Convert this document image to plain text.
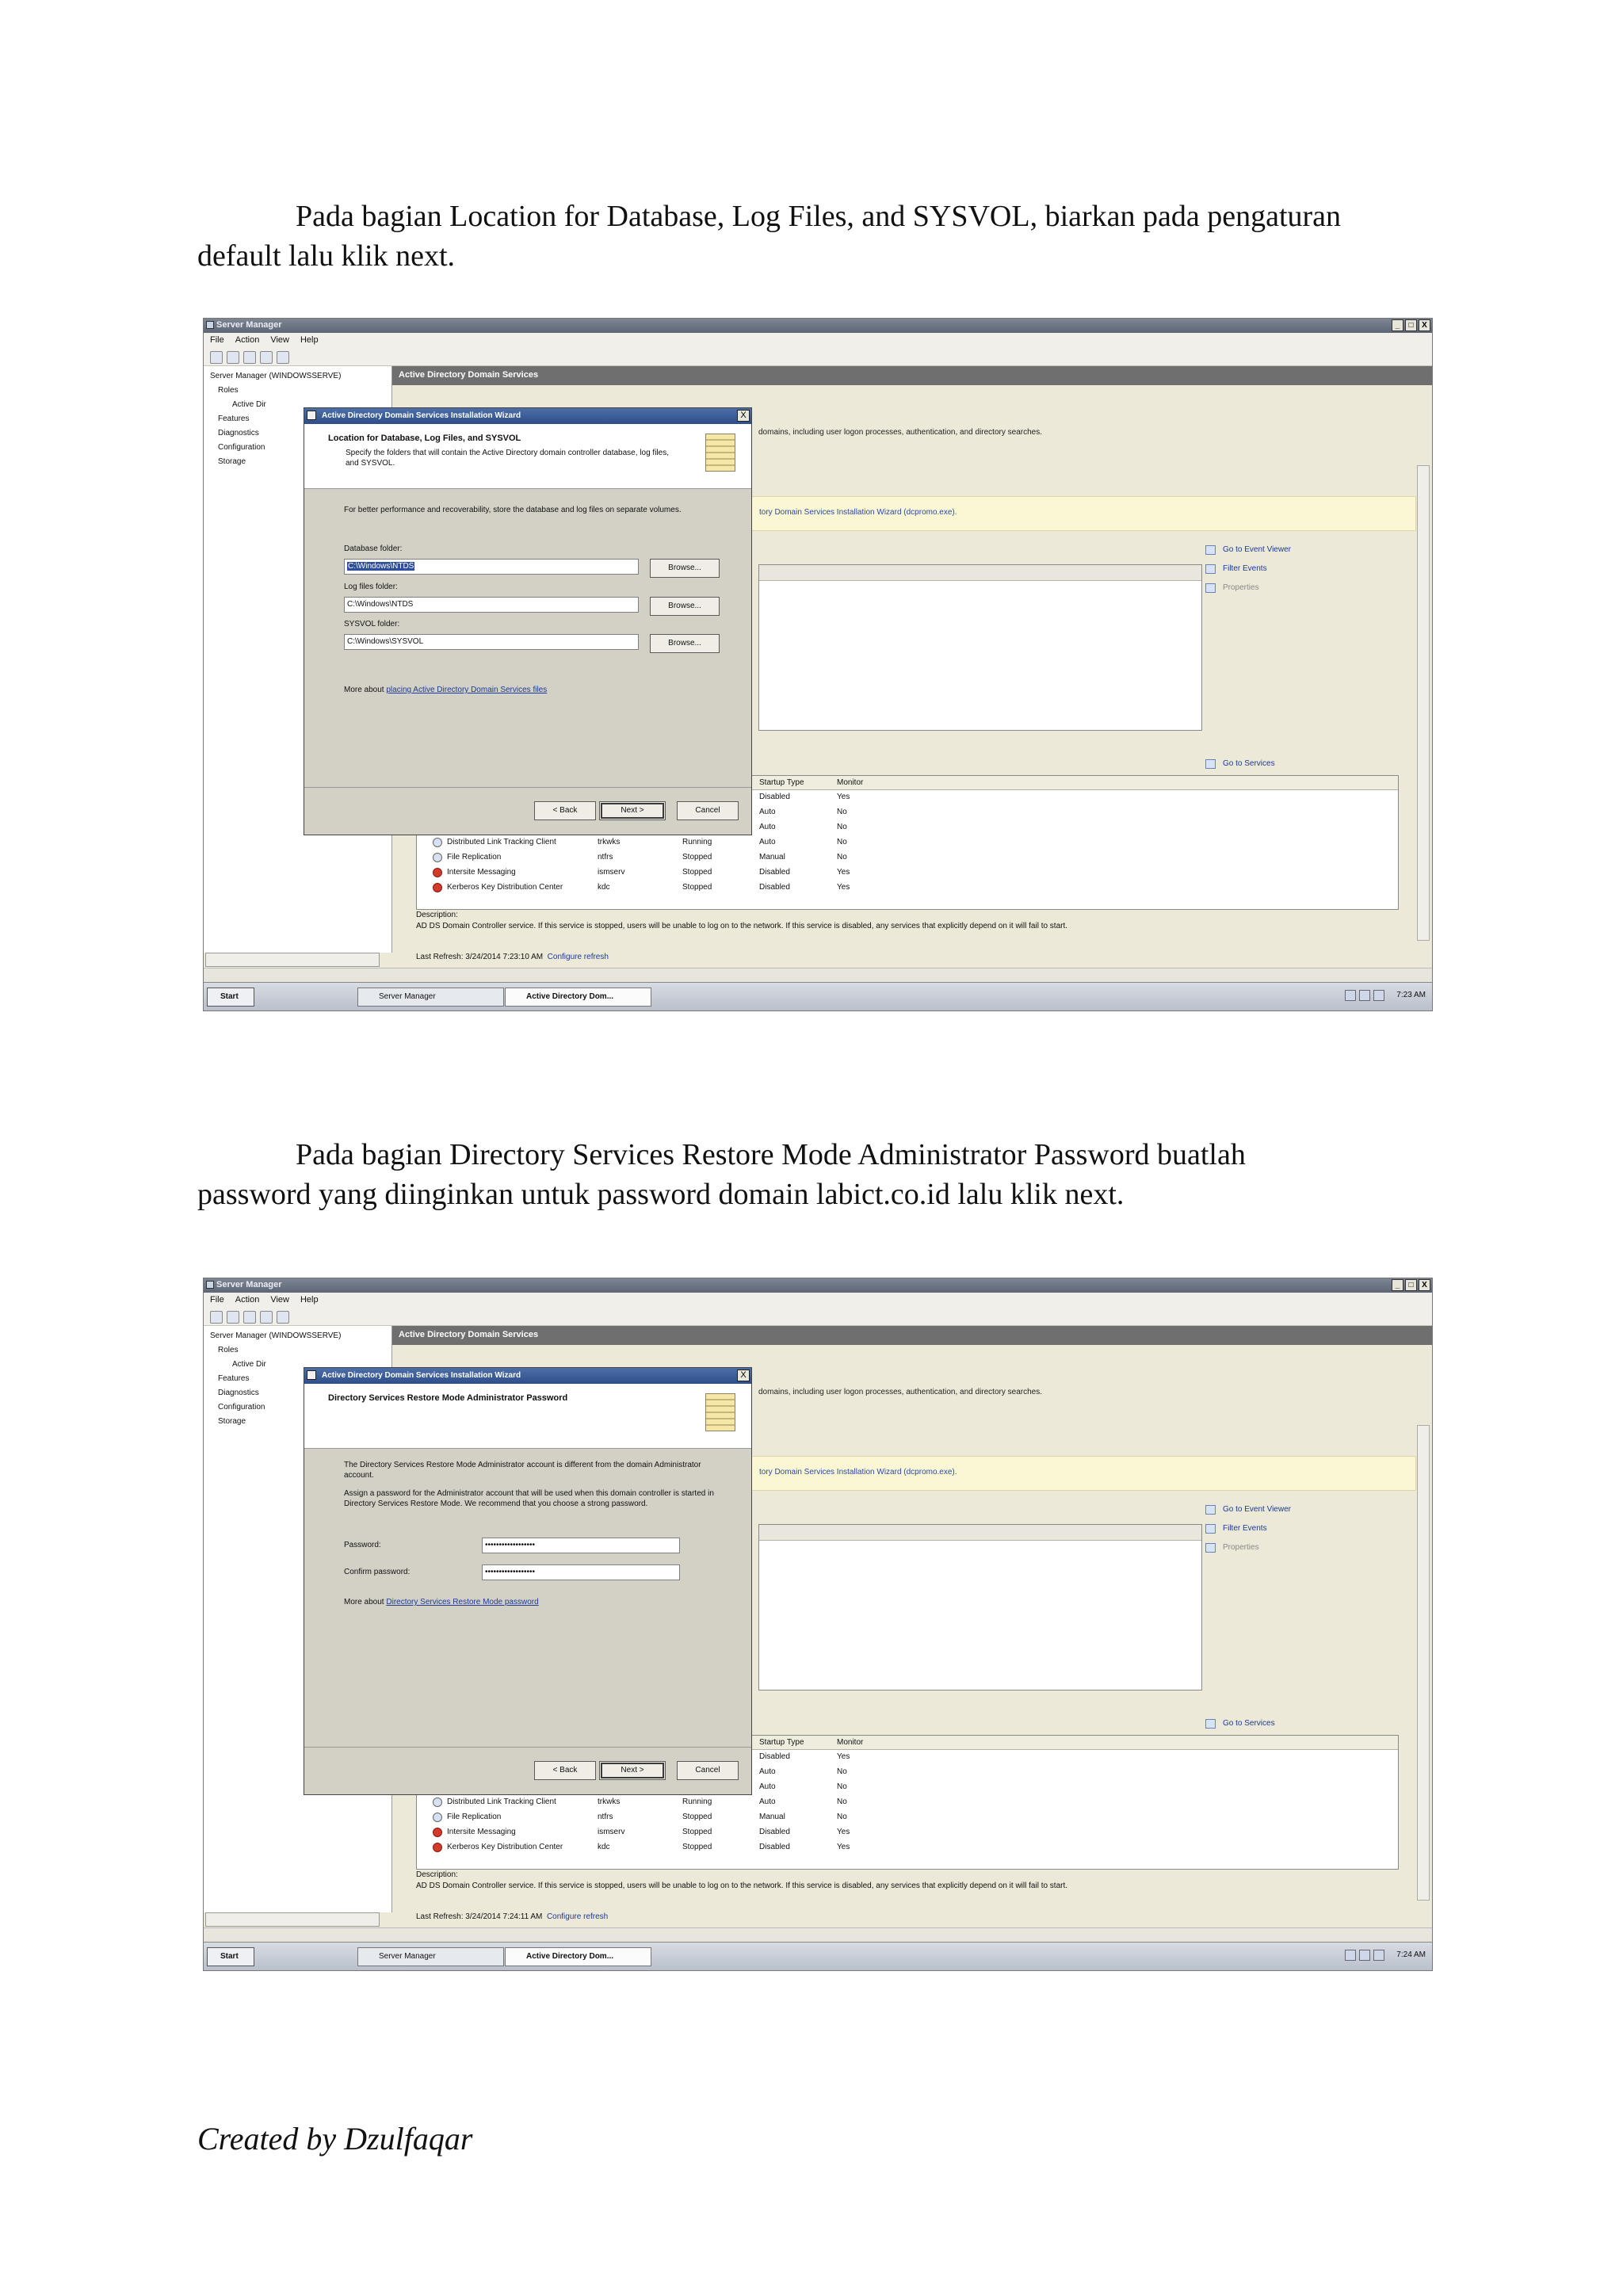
Pada bagian Location for Database, Log Files, and SYSVOL, biarkan pada pengaturan default lalu klik next.

Server Manager	_	□	X
File Action View Help
Server Manager (WINDOWSSERVE)
Roles
Active Dir
Features
Diagnostics
Configuration
Storage
Active Directory Domain Services
domains, including user logon processes, authentication, and directory searches.
tory Domain Services Installation Wizard (dcpromo.exe).
Go to Event Viewer
Filter Events
Properties
Go to Services
Startup Type	Monitor
Disabled	Yes
Auto	No
Auto	No
Distributed Link Tracking Client	trkwks	Running	Auto	No
File Replication	ntfrs	Stopped	Manual	No
Intersite Messaging	ismserv	Stopped	Disabled	Yes
Kerberos Key Distribution Center	kdc	Stopped	Disabled	Yes
Description:
AD DS Domain Controller service. If this service is stopped, users will be unable to log on to the network. If this service is disabled, any services that explicitly depend on it will fail to start.
Last Refresh: 3/24/2014 7:23:10 AM Configure refresh
Start	Server Manager	Active Directory Dom...	7:23 AM
Active Directory Domain Services Installation Wizard	X
Location for Database, Log Files, and SYSVOL
Specify the folders that will contain the Active Directory domain controller database, log files, and SYSVOL.

For better performance and recoverability, store the database and log files on separate volumes.

Database folder:
C:\Windows\NTDS	Browse...
Log files folder:
C:\Windows\NTDS	Browse...
SYSVOL folder:
C:\Windows\SYSVOL	Browse...
More about placing Active Directory Domain Services files
< Back	Next >	Cancel

Pada bagian Directory Services Restore Mode Administrator Password buatlah password yang diinginkan untuk password domain labict.co.id lalu klik next.

Server Manager	_	□	X
File Action View Help
Server Manager (WINDOWSSERVE)
Roles
Active Dir
Features
Diagnostics
Configuration
Storage
Active Directory Domain Services
domains, including user logon processes, authentication, and directory searches.
tory Domain Services Installation Wizard (dcpromo.exe).
Go to Event Viewer
Filter Events
Properties
Go to Services
Startup Type	Monitor
Disabled	Yes
Auto	No
Auto	No
Distributed Link Tracking Client	trkwks	Running	Auto	No
File Replication	ntfrs	Stopped	Manual	No
Intersite Messaging	ismserv	Stopped	Disabled	Yes
Kerberos Key Distribution Center	kdc	Stopped	Disabled	Yes
Description:
AD DS Domain Controller service. If this service is stopped, users will be unable to log on to the network. If this service is disabled, any services that explicitly depend on it will fail to start.
Last Refresh: 3/24/2014 7:24:11 AM Configure refresh
Start	Server Manager	Active Directory Dom...	7:24 AM
Active Directory Domain Services Installation Wizard	X
Directory Services Restore Mode Administrator Password

The Directory Services Restore Mode Administrator account is different from the domain Administrator account.

Assign a password for the Administrator account that will be used when this domain controller is started in Directory Services Restore Mode. We recommend that you choose a strong password.

Password:	••••••••••••••••••
Confirm password:	••••••••••••••••••
More about Directory Services Restore Mode password
< Back	Next >	Cancel
Created by Dzulfaqar
